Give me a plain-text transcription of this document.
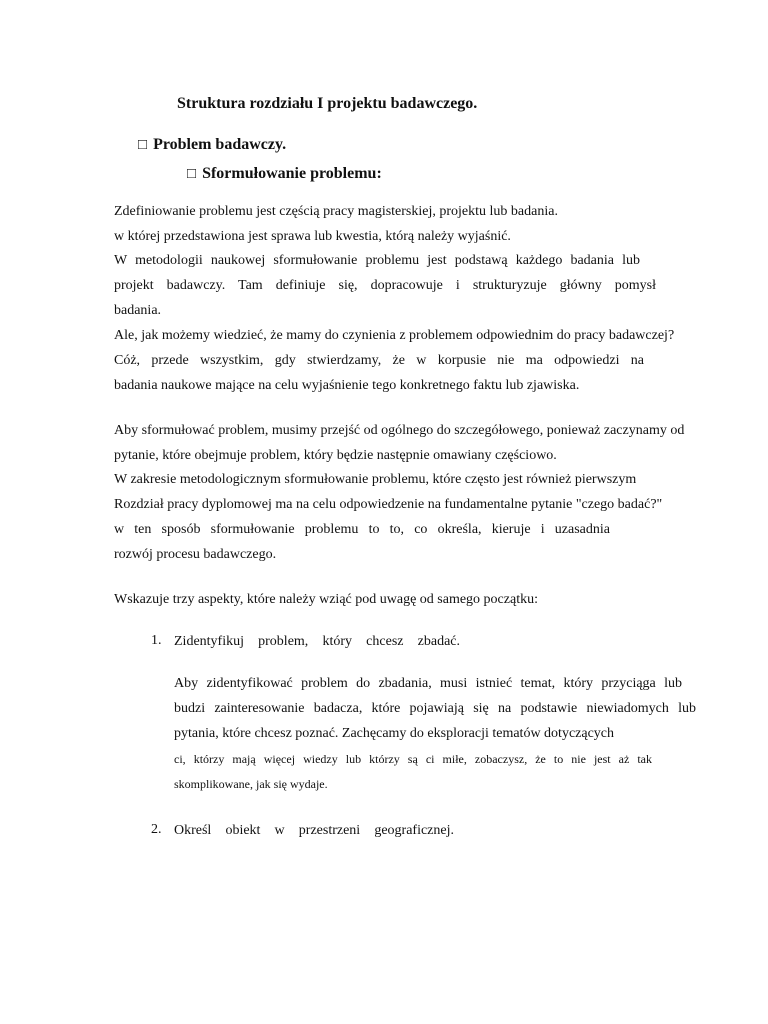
Struktura rozdziału I projektu badawczego.
□ Problem badawczy.
□ Sformułowanie problemu:
Zdefiniowanie problemu jest częścią pracy magisterskiej, projektu lub badania.
w której przedstawiona jest sprawa lub kwestia, którą należy wyjaśnić.
W metodologii naukowej sformułowanie problemu jest podstawą każdego badania lub
projekt badawczy. Tam definiuje się, dopracowuje i strukturyzuje główny pomysł
badania.
Ale, jak możemy wiedzieć, że mamy do czynienia z problemem odpowiednim do pracy badawczej?
Cóż, przede wszystkim, gdy stwierdzamy, że w korpusie nie ma odpowiedzi na
badania naukowe mające na celu wyjaśnienie tego konkretnego faktu lub zjawiska.
Aby sformułować problem, musimy przejść od ogólnego do szczegółowego, ponieważ zaczynamy od
pytanie, które obejmuje problem, który będzie następnie omawiany częściowo.
W zakresie metodologicznym sformułowanie problemu, które często jest również pierwszym
Rozdział pracy dyplomowej ma na celu odpowiedzenie na fundamentalne pytanie "czego badać?"
w ten sposób sformułowanie problemu to to, co określa, kieruje i uzasadnia
rozwój procesu badawczego.
Wskazuje trzy aspekty, które należy wziąć pod uwagę od samego początku:
1. Zidentyfikuj problem, który chcesz zbadać.
Aby zidentyfikować problem do zbadania, musi istnieć temat, który przyciąga lub
budzi zainteresowanie badacza, które pojawiają się na podstawie niewiadomych lub
pytania, które chcesz poznać. Zachęcamy do eksploracji tematów dotyczących
ci, którzy mają więcej wiedzy lub którzy są ci miłe, zobaczysz, że to nie jest aż tak
skomplikowane, jak się wydaje.
2. Określ obiekt w przestrzeni geograficznej.
